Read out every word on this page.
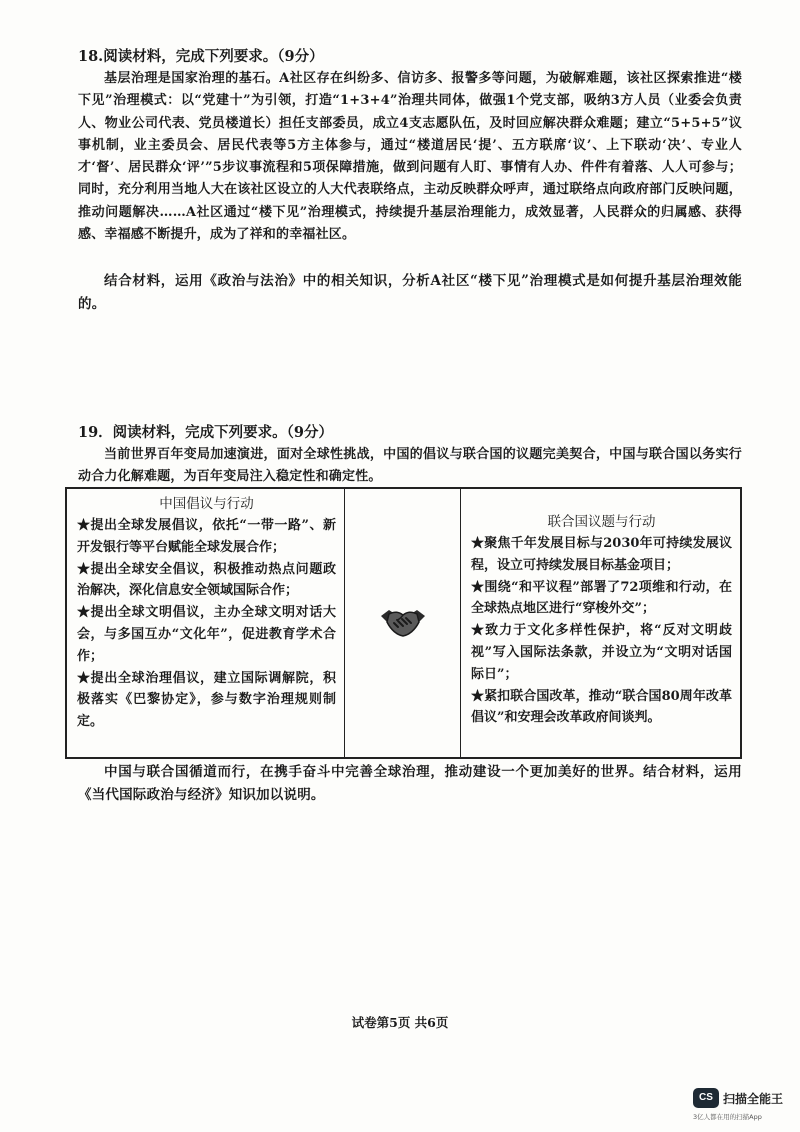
18.阅读材料，完成下列要求。（9分）
基层治理是国家治理的基石。A社区存在纠纷多、信访多、报警多等问题，为破解难题，该社区探索推进“楼下见”治理模式：以“党建十”为引领，打造“1+3+4”治理共同体，做强1个党支部，吸纳3方人员（业委会负责人、物业公司代表、党员楼道长）担任支部委员，成立4支志愿队伍，及时回应解决群众难题；建立“5+5+5”议事机制，业主委员会、居民代表等5方主体参与，通过“楼道居民‘提’、五方联席‘议’、上下联动‘决’、专业人才‘督’、居民群众‘评’”5步议事流程和5项保障措施，做到问题有人盯、事情有人办、件件有着落、人人可参与；同时，充分利用当地人大在该社区设立的人大代表联络点，主动反映群众呼声，通过联络点向政府部门反映问题，推动问题解决……A社区通过“楼下见”治理模式，持续提升基层治理能力，成效显著，人民群众的归属感、获得感、幸福感不断提升，成为了祥和的幸福社区。
结合材料，运用《政治与法治》中的相关知识，分析A社区“楼下见”治理模式是如何提升基层治理效能的。
19．阅读材料，完成下列要求。（9分）
当前世界百年变局加速演进，面对全球性挑战，中国的倡议与联合国的议题完美契合，中国与联合国以务实行动合力化解难题，为百年变局注入稳定性和确定性。
中国倡议与行动
★提出全球发展倡议，依托“一带一路”、新开发银行等平台赋能全球发展合作；
★提出全球安全倡议，积极推动热点问题政治解决，深化信息安全领域国际合作；
★提出全球文明倡议，主办全球文明对话大会，与多国互办“文化年”，促进教育学术合作；
★提出全球治理倡议，建立国际调解院，积极落实《巴黎协定》，参与数字治理规则制定。
联合国议题与行动
★聚焦千年发展目标与2030年可持续发展议程，设立可持续发展目标基金项目；
★围绕“和平议程”部署了72项维和行动，在全球热点地区进行“穿梭外交”；
★致力于文化多样性保护，将“反对文明歧视”写入国际法条款，并设立为“文明对话国际日”；
★紧扣联合国改革，推动“联合国80周年改革倡议”和安理会改革政府间谈判。
中国与联合国循道而行，在携手奋斗中完善全球治理，推动建设一个更加美好的世界。结合材料，运用《当代国际政治与经济》知识加以说明。
试卷第5页 共6页
CS 扫描全能王
3亿人都在用的扫描App
